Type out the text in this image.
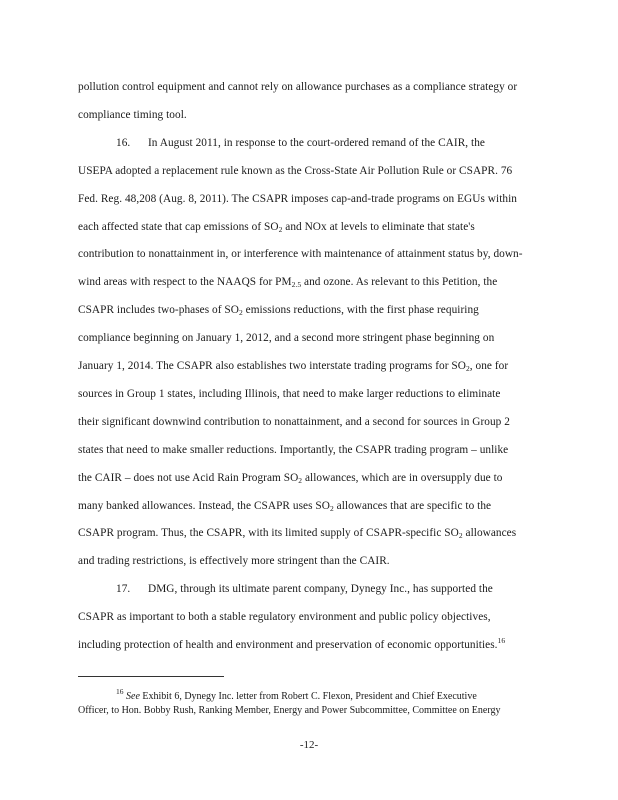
pollution control equipment and cannot rely on allowance purchases as a compliance strategy or
compliance timing tool.
16. In August 2011, in response to the court-ordered remand of the CAIR, the
USEPA adopted a replacement rule known as the Cross-State Air Pollution Rule or CSAPR. 76
Fed. Reg. 48,208 (Aug. 8, 2011). The CSAPR imposes cap-and-trade programs on EGUs within
each affected state that cap emissions of $SO_2$ and NOx at levels to eliminate that state's
contribution to nonattainment in, or interference with maintenance of attainment status by, down-
wind areas with respect to the NAAQS for $PM_{2.5}$ and ozone. As relevant to this Petition, the
CSAPR includes two-phases of $SO_2$ emissions reductions, with the first phase requiring
compliance beginning on January 1, 2012, and a second more stringent phase beginning on
January 1, 2014. The CSAPR also establishes two interstate trading programs for $SO_2$, one for
sources in Group 1 states, including Illinois, that need to make larger reductions to eliminate
their significant downwind contribution to nonattainment, and a second for sources in Group 2
states that need to make smaller reductions. Importantly, the CSAPR trading program – unlike
the CAIR – does not use Acid Rain Program $SO_2$ allowances, which are in oversupply due to
many banked allowances. Instead, the CSAPR uses $SO_2$ allowances that are specific to the
CSAPR program. Thus, the CSAPR, with its limited supply of CSAPR-specific $SO_2$ allowances
and trading restrictions, is effectively more stringent than the CAIR.
17. DMG, through its ultimate parent company, Dynegy Inc., has supported the
CSAPR as important to both a stable regulatory environment and public policy objectives,
including protection of health and environment and preservation of economic opportunities.$^{16}$
$^{16}$ See Exhibit 6, Dynegy Inc. letter from Robert C. Flexon, President and Chief Executive
Officer, to Hon. Bobby Rush, Ranking Member, Energy and Power Subcommittee, Committee on Energy
-12-
